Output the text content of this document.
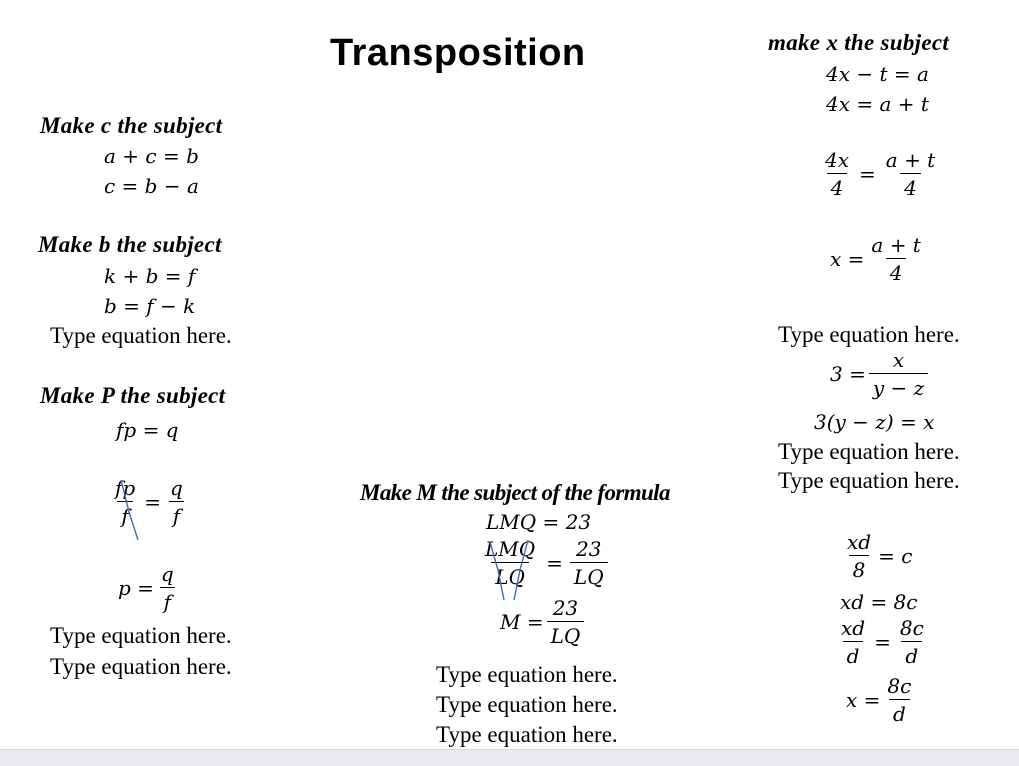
Transposition
Make c the subject
a + c = b
c = b − a
Make b the subject
k + b = f
b = f − k
Type equation here.
Make P the subject
fp = q
$\frac{fp}{f} = \frac{q}{f}$
$p = \frac{q}{f}$
Type equation here.
Type equation here.
Make M the subject of the formula
LMQ = 23
$\frac{\text{LMQ}}{LQ} = \frac{23}{LQ}$
$M = \frac{23}{LQ}$
Type equation here.
Type equation here.
Type equation here.
make x the subject
4x − t = a
4x = a + t
$\frac{4x}{4} = \frac{a + t}{4}$
$x = \frac{a + t}{4}$
Type equation here.
$3 = \frac{x}{y - z}$
3(y − z) = x
Type equation here.
Type equation here.
$\frac{xd}{8} = c$
xd = 8c
$\frac{xd}{d} = \frac{8c}{d}$
$x = \frac{8c}{d}$
